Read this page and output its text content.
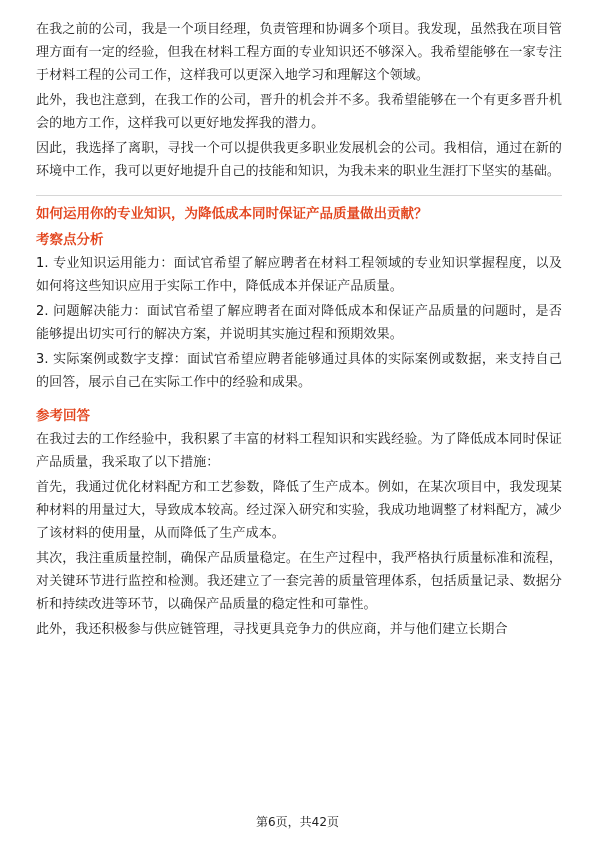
在我之前的公司，我是一个项目经理，负责管理和协调多个项目。我发现，虽然我在项目管理方面有一定的经验，但我在材料工程方面的专业知识还不够深入。我希望能够在一家专注于材料工程的公司工作，这样我可以更深入地学习和理解这个领域。

此外，我也注意到，在我工作的公司，晋升的机会并不多。我希望能够在一个有更多晋升机会的地方工作，这样我可以更好地发挥我的潜力。

因此，我选择了离职，寻找一个可以提供我更多职业发展机会的公司。我相信，通过在新的环境中工作，我可以更好地提升自己的技能和知识，为我未来的职业生涯打下坚实的基础。

如何运用你的专业知识，为降低成本同时保证产品质量做出贡献？
考察点分析

1. 专业知识运用能力：面试官希望了解应聘者在材料工程领域的专业知识掌握程度，以及如何将这些知识应用于实际工作中，降低成本并保证产品质量。

2. 问题解决能力：面试官希望了解应聘者在面对降低成本和保证产品质量的问题时，是否能够提出切实可行的解决方案，并说明其实施过程和预期效果。

3. 实际案例或数字支撑：面试官希望应聘者能够通过具体的实际案例或数据，来支持自己的回答，展示自己在实际工作中的经验和成果。

参考回答

在我过去的工作经验中，我积累了丰富的材料工程知识和实践经验。为了降低成本同时保证产品质量，我采取了以下措施：

首先，我通过优化材料配方和工艺参数，降低了生产成本。例如，在某次项目中，我发现某种材料的用量过大，导致成本较高。经过深入研究和实验，我成功地调整了材料配方，减少了该材料的使用量，从而降低了生产成本。

其次，我注重质量控制，确保产品质量稳定。在生产过程中，我严格执行质量标准和流程，对关键环节进行监控和检测。我还建立了一套完善的质量管理体系，包括质量记录、数据分析和持续改进等环节，以确保产品质量的稳定性和可靠性。

此外，我还积极参与供应链管理，寻找更具竞争力的供应商，并与他们建立长期合

第6页，共42页
